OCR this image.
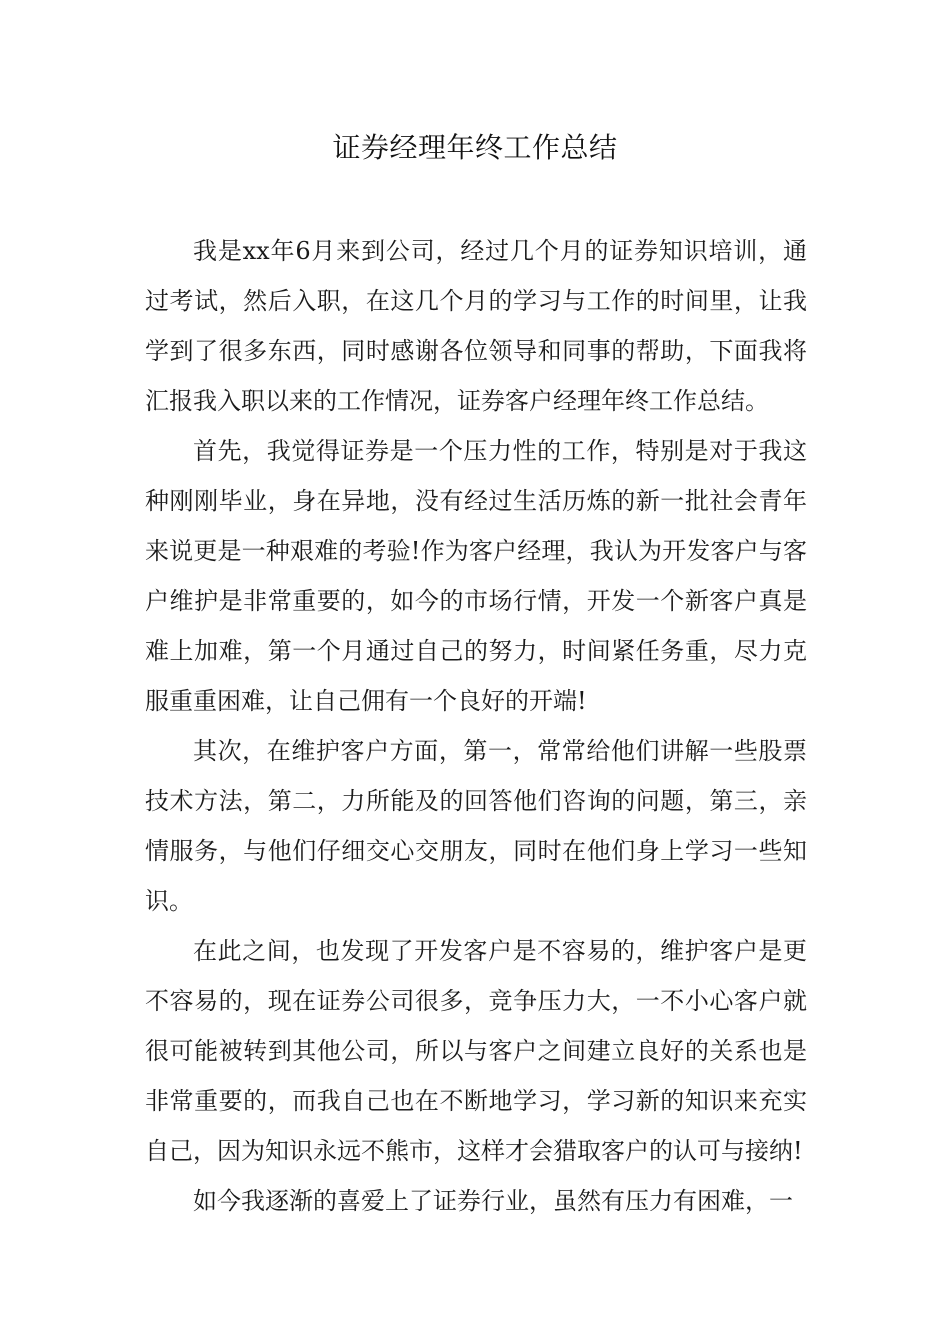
证券经理年终工作总结

我是xx年6月来到公司，经过几个月的证券知识培训，通过考试，然后入职，在这几个月的学习与工作的时间里，让我学到了很多东西，同时感谢各位领导和同事的帮助，下面我将汇报我入职以来的工作情况，证券客户经理年终工作总结。

首先，我觉得证券是一个压力性的工作，特别是对于我这种刚刚毕业，身在异地，没有经过生活历炼的新一批社会青年来说更是一种艰难的考验!作为客户经理，我认为开发客户与客户维护是非常重要的，如今的市场行情，开发一个新客户真是难上加难，第一个月通过自己的努力，时间紧任务重，尽力克服重重困难，让自己佣有一个良好的开端!

其次，在维护客户方面，第一，常常给他们讲解一些股票技术方法，第二，力所能及的回答他们咨询的问题，第三，亲情服务，与他们仔细交心交朋友，同时在他们身上学习一些知识。

在此之间，也发现了开发客户是不容易的，维护客户是更不容易的，现在证券公司很多，竞争压力大，一不小心客户就很可能被转到其他公司，所以与客户之间建立良好的关系也是非常重要的，而我自己也在不断地学习，学习新的知识来充实自己，因为知识永远不熊市，这样才会猎取客户的认可与接纳!

如今我逐渐的喜爱上了证券行业，虽然有压力有困难，一
